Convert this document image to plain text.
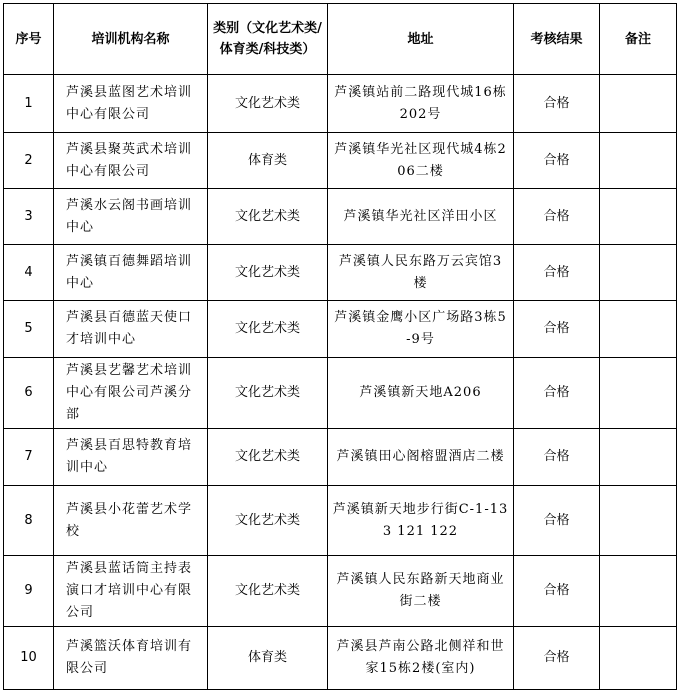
序号	培训机构名称	类别（文化艺术类/体育类/科技类）	地址	考核结果	备注
1	芦溪县蓝图艺术培训中心有限公司	文化艺术类	芦溪镇站前二路现代城16栋202号	合格	
2	芦溪县聚英武术培训中心有限公司	体育类	芦溪镇华光社区现代城4栋206二楼	合格	
3	芦溪水云阁书画培训中心	文化艺术类	芦溪镇华光社区洋田小区	合格	
4	芦溪镇百德舞蹈培训中心	文化艺术类	芦溪镇人民东路万云宾馆3楼	合格	
5	芦溪县百德蓝天使口才培训中心	文化艺术类	芦溪镇金鹰小区广场路3栋5-9号	合格	
6	芦溪县艺馨艺术培训中心有限公司芦溪分部	文化艺术类	芦溪镇新天地A206	合格	
7	芦溪县百思特教育培训中心	文化艺术类	芦溪镇田心阁榕盟酒店二楼	合格	
8	芦溪县小花蕾艺术学校	文化艺术类	芦溪镇新天地步行街C-1-133 121 122	合格	
9	芦溪县蓝话筒主持表演口才培训中心有限公司	文化艺术类	芦溪镇人民东路新天地商业街二楼	合格	
10	芦溪篮沃体育培训有限公司	体育类	芦溪县芦南公路北侧祥和世家15栋2楼(室内)	合格	
